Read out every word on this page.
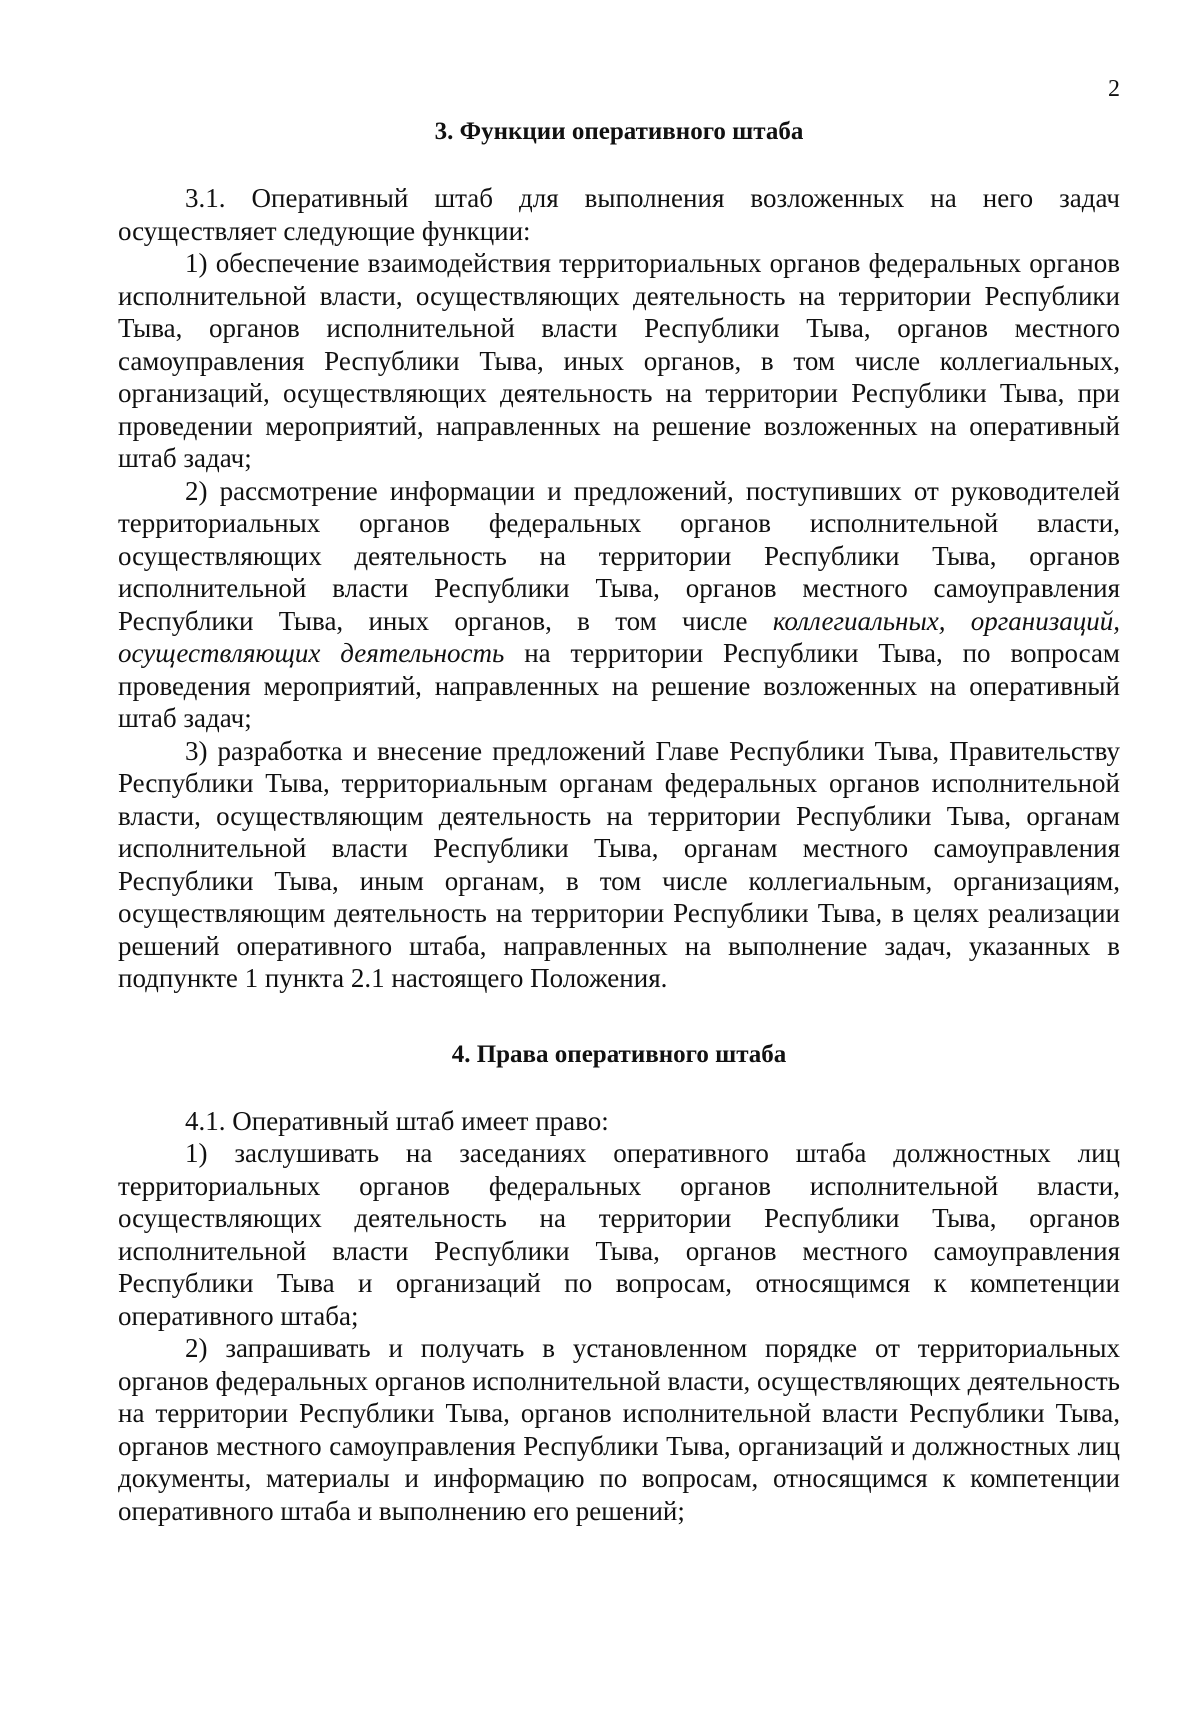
2
3. Функции оперативного штаба

3.1. Оперативный штаб для выполнения возложенных на него задач осуществляет следующие функции:

1) обеспечение взаимодействия территориальных органов федеральных органов исполнительной власти, осуществляющих деятельность на территории Республики Тыва, органов исполнительной власти Республики Тыва, органов местного самоуправления Республики Тыва, иных органов, в том числе коллегиальных, организаций, осуществляющих деятельность на территории Республики Тыва, при проведении мероприятий, направленных на решение возложенных на оперативный штаб задач;

2) рассмотрение информации и предложений, поступивших от руководителей территориальных органов федеральных органов исполнительной власти, осуществляющих деятельность на территории Республики Тыва, органов исполнительной власти Республики Тыва, органов местного самоуправления Республики Тыва, иных органов, в том числе коллегиальных, организаций, осуществляющих деятельность на территории Республики Тыва, по вопросам проведения мероприятий, направленных на решение возложенных на оперативный штаб задач;

3) разработка и внесение предложений Главе Республики Тыва, Правительству Республики Тыва, территориальным органам федеральных органов исполнительной власти, осуществляющим деятельность на территории Республики Тыва, органам исполнительной власти Республики Тыва, органам местного самоуправления Республики Тыва, иным органам, в том числе коллегиальным, организациям, осуществляющим деятельность на территории Республики Тыва, в целях реализации решений оперативного штаба, направленных на выполнение задач, указанных в подпункте 1 пункта 2.1 настоящего Положения.

4. Права оперативного штаба

4.1. Оперативный штаб имеет право:

1) заслушивать на заседаниях оперативного штаба должностных лиц территориальных органов федеральных органов исполнительной власти, осуществляющих деятельность на территории Республики Тыва, органов исполнительной власти Республики Тыва, органов местного самоуправления Республики Тыва и организаций по вопросам, относящимся к компетенции оперативного штаба;

2) запрашивать и получать в установленном порядке от территориальных органов федеральных органов исполнительной власти, осуществляющих деятельность на территории Республики Тыва, органов исполнительной власти Республики Тыва, органов местного самоуправления Республики Тыва, организаций и должностных лиц документы, материалы и информацию по вопросам, относящимся к компетенции оперативного штаба и выполнению его решений;
